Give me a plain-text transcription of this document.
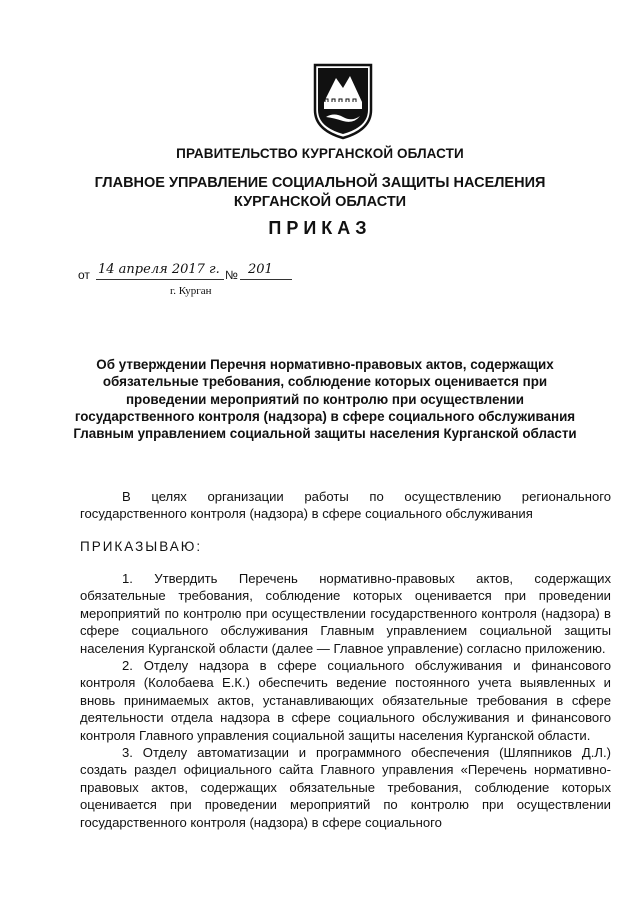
ПРАВИТЕЛЬСТВО КУРГАНСКОЙ ОБЛАСТИ
ГЛАВНОЕ УПРАВЛЕНИЕ СОЦИАЛЬНОЙ ЗАЩИТЫ НАСЕЛЕНИЯ
КУРГАНСКОЙ ОБЛАСТИ
ПРИКАЗ
от 14 апреля 2017 г. № 201
г. Курган
Об утверждении Перечня нормативно-правовых актов, содержащих обязательные требования, соблюдение которых оценивается при проведении мероприятий по контролю при осуществлении государственного контроля (надзора) в сфере социального обслуживания Главным управлением социальной защиты населения Курганской области

В целях организации работы по осуществлению регионального государственного контроля (надзора) в сфере социального обслуживания

ПРИКАЗЫВАЮ:

1. Утвердить Перечень нормативно-правовых актов, содержащих обязательные требования, соблюдение которых оценивается при проведении мероприятий по контролю при осуществлении государственного контроля (надзора) в сфере социального обслуживания Главным управлением социальной защиты населения Курганской области (далее — Главное управление) согласно приложению.

2. Отделу надзора в сфере социального обслуживания и финансового контроля (Колобаева Е.К.) обеспечить ведение постоянного учета выявленных и вновь принимаемых актов, устанавливающих обязательные требования в сфере деятельности отдела надзора в сфере социального обслуживания и финансового контроля Главного управления социальной защиты населения Курганской области.

3. Отделу автоматизации и программного обеспечения (Шляпников Д.Л.) создать раздел официального сайта Главного управления «Перечень нормативно-правовых актов, содержащих обязательные требования, соблюдение которых оценивается при проведении мероприятий по контролю при осуществлении государственного контроля (надзора) в сфере социального
